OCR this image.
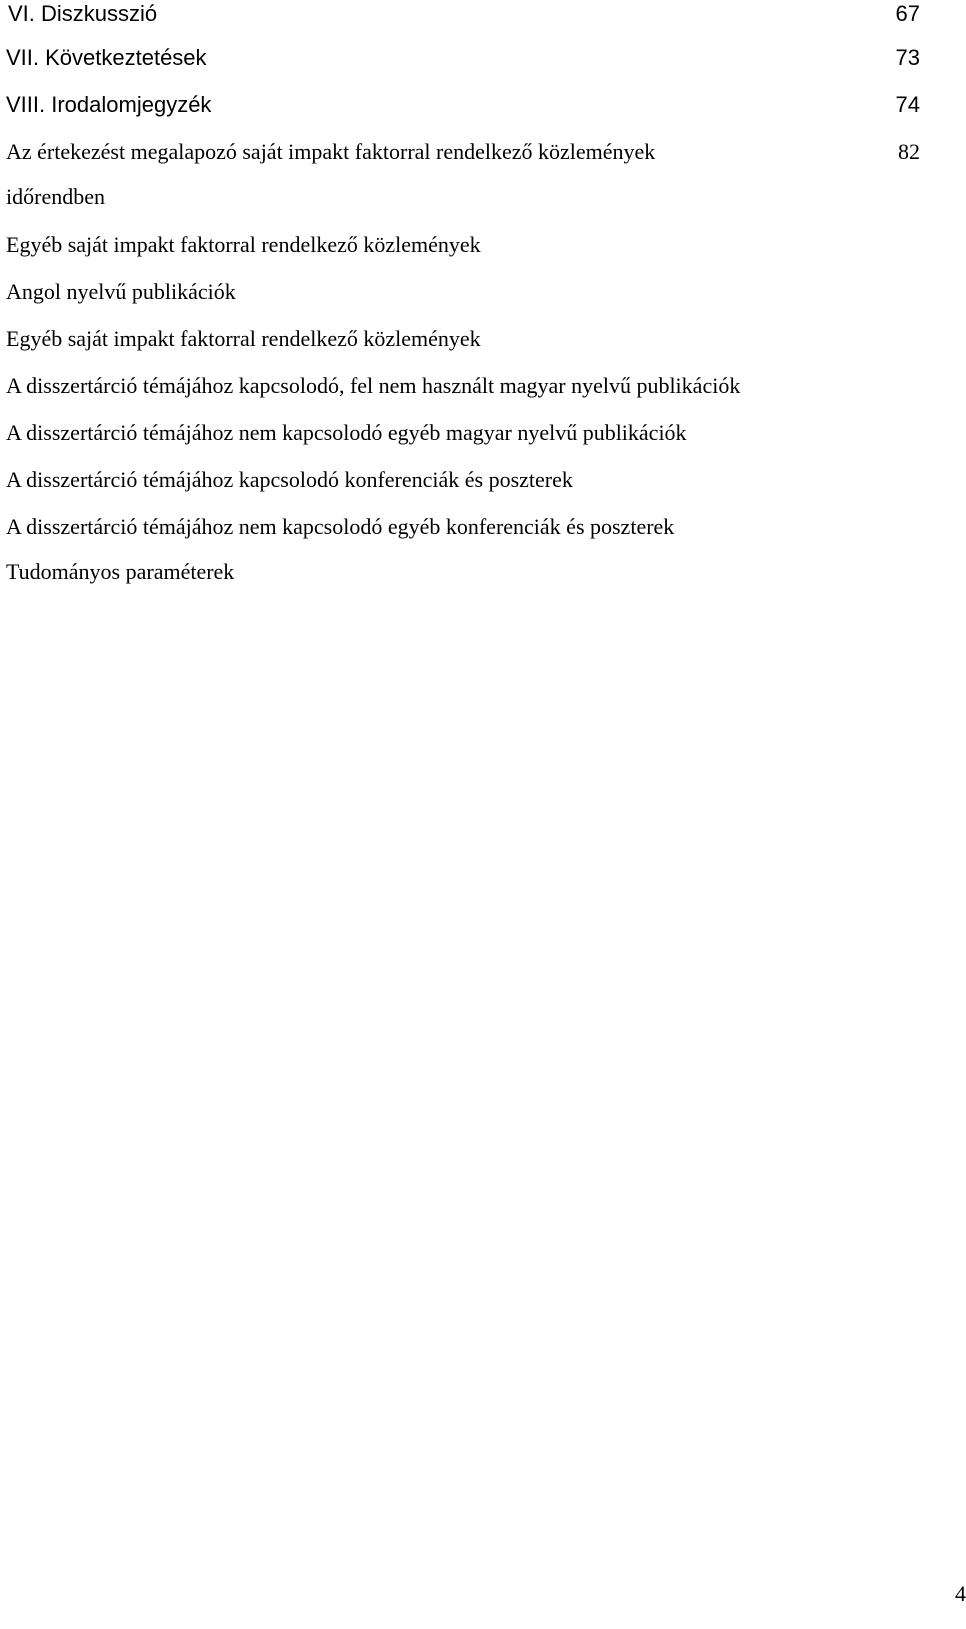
VI. Diszkusszió	67
VII. Következtetések	73
VIII. Irodalomjegyzék	74
Az értekezést megalapozó saját impakt faktorral rendelkező közlemények	82
időrendben
Egyéb saját impakt faktorral rendelkező közlemények
Angol nyelvű publikációk
Egyéb saját impakt faktorral rendelkező közlemények
A disszertárció témájához kapcsolodó, fel nem használt magyar nyelvű publikációk
A disszertárció témájához nem kapcsolodó egyéb magyar nyelvű publikációk
A disszertárció témájához kapcsolodó konferenciák és poszterek
A disszertárció témájához nem kapcsolodó egyéb konferenciák és poszterek
Tudományos paraméterek
4
